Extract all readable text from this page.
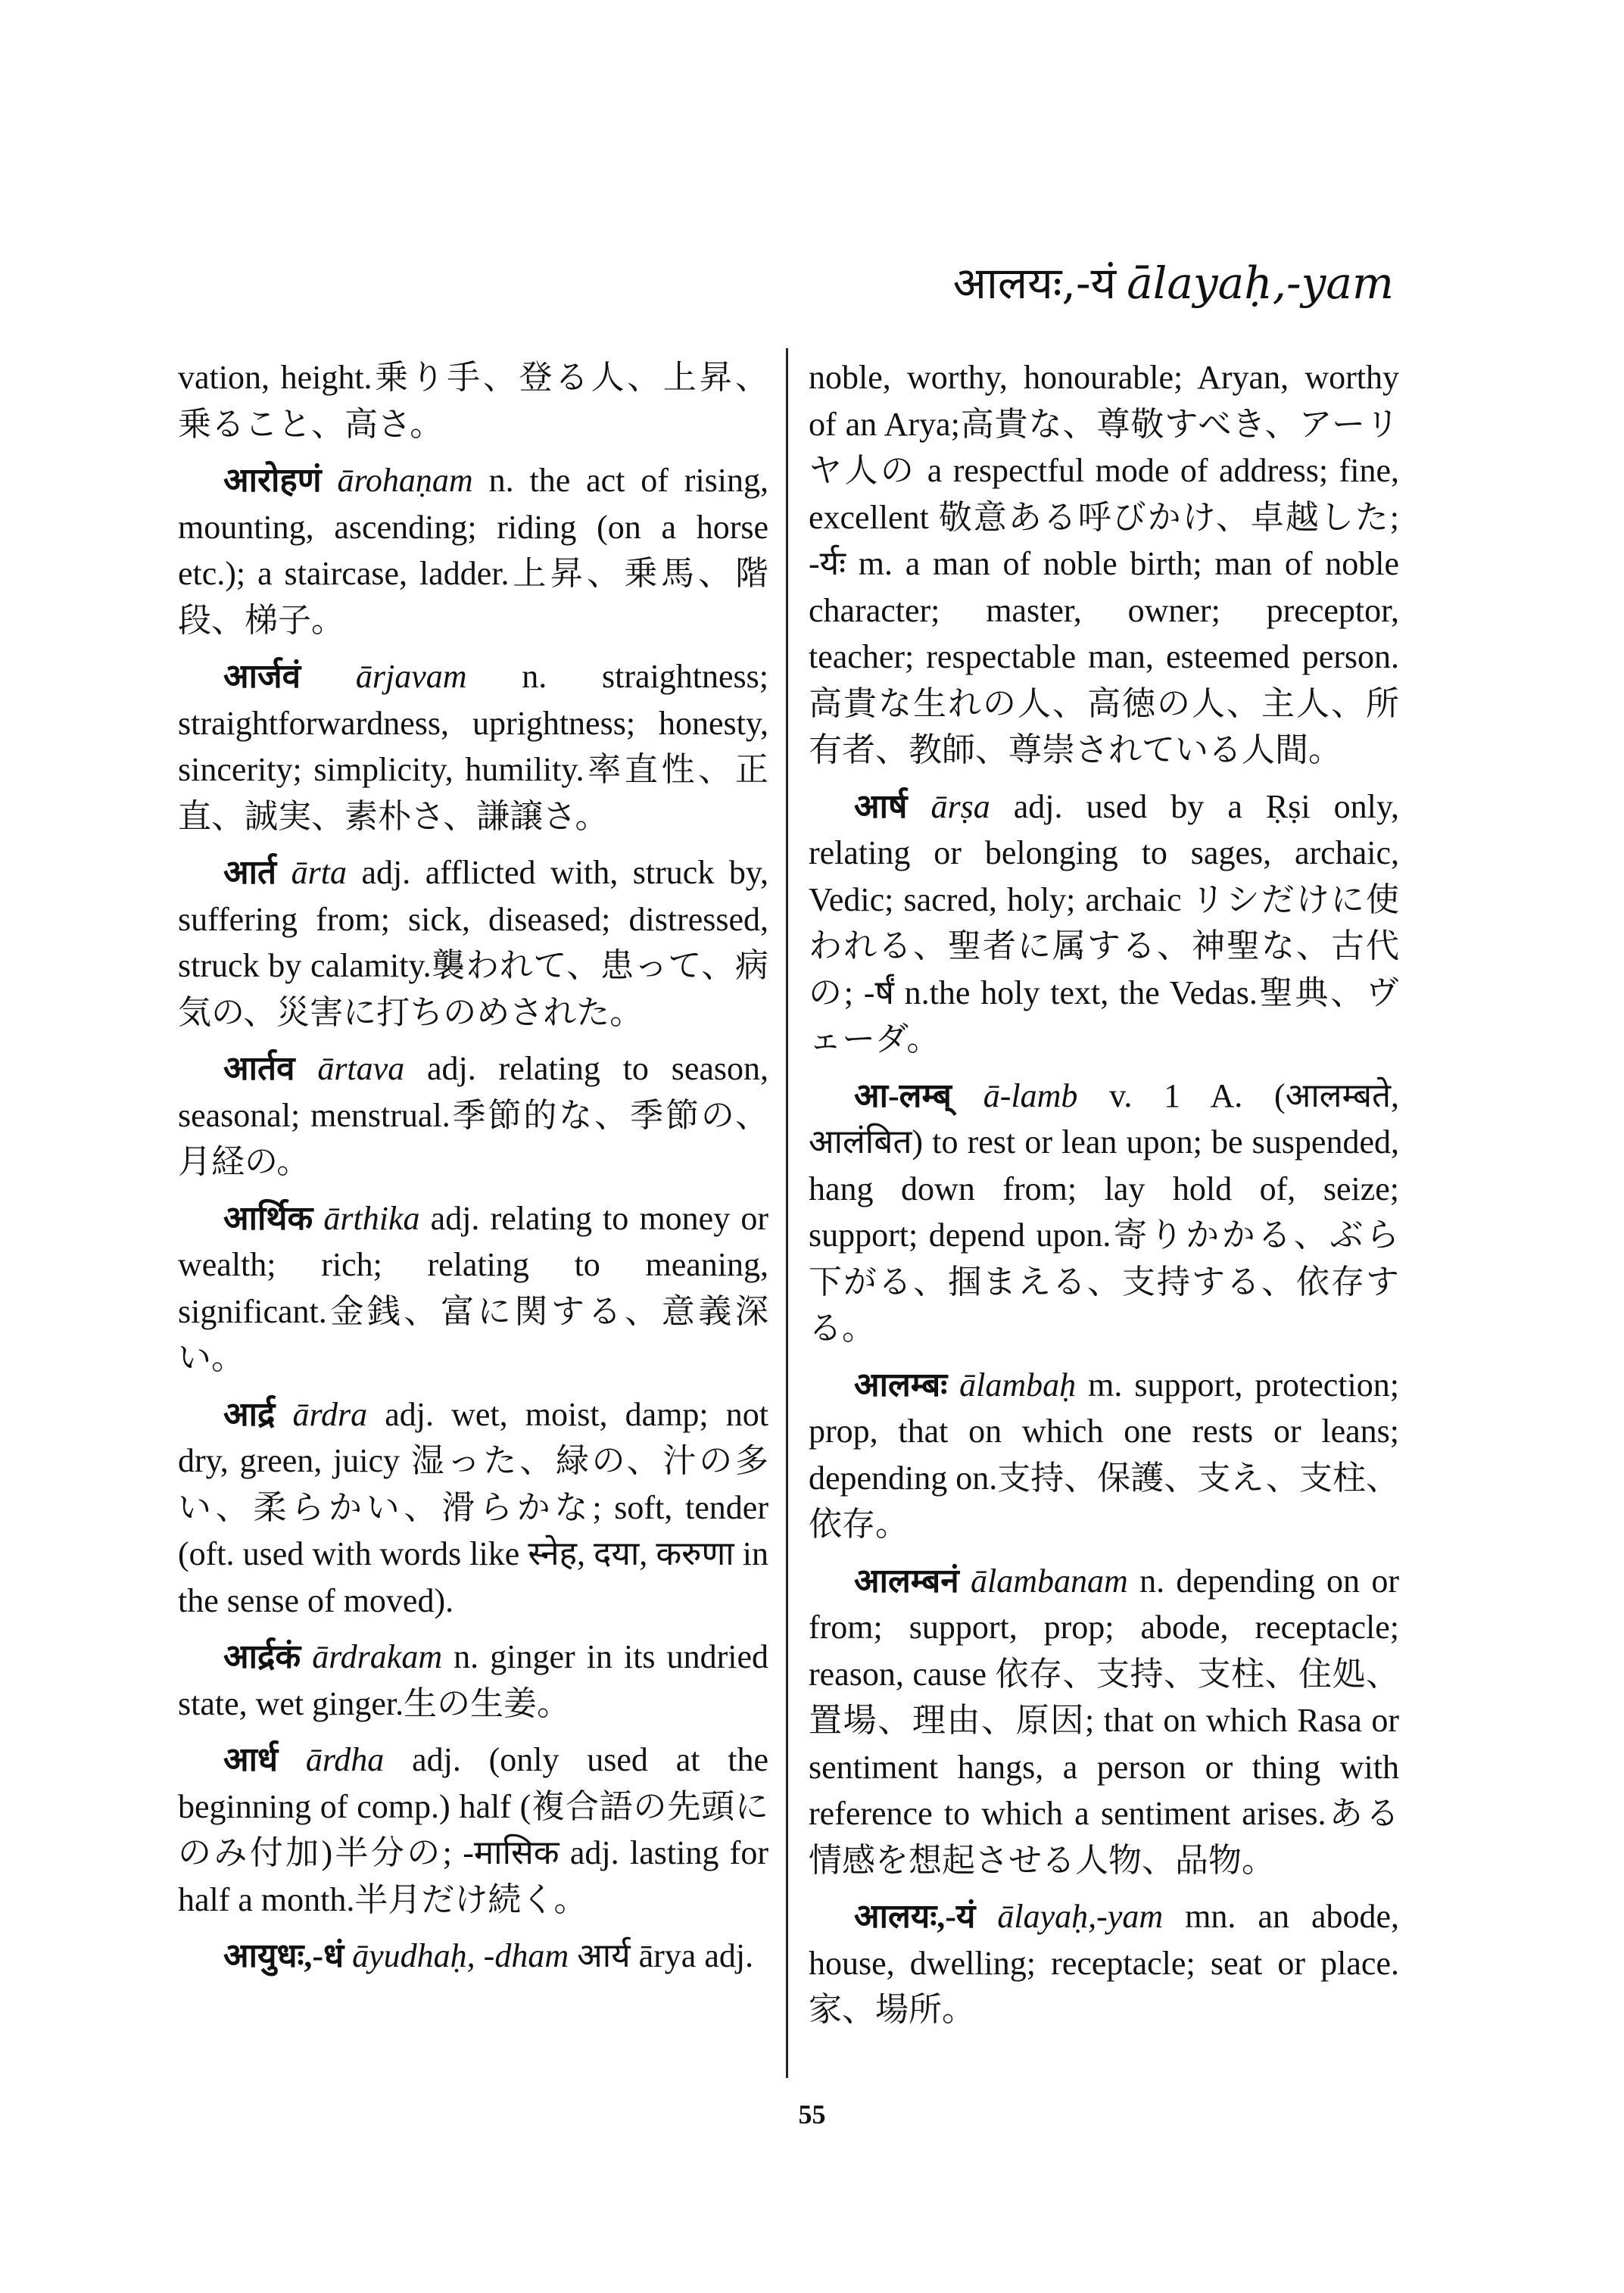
आलयः,-यं ālayaḥ,-yam

vation, height.乗り手、登る人、上昇、乗ること、高さ。

आरोहणं ārohaṇam n. the act of rising, mounting, ascending; riding (on a horse etc.); a staircase, ladder.上昇、乗馬、階段、梯子。

आर्जवं ārjavam n. straightness; straightforwardness, uprightness; honesty, sincerity; simplicity, humility.率直性、正直、誠実、素朴さ、謙譲さ。

आर्त ārta adj. afflicted with, struck by, suffering from; sick, diseased; distressed, struck by calamity.襲われて、患って、病気の、災害に打ちのめされた。

आर्तव ārtava adj. relating to season, seasonal; menstrual.季節的な、季節の、月経の。

आर्थिक ārthika adj. relating to money or wealth; rich; relating to meaning, significant.金銭、富に関する、意義深い。

आर्द्र ārdra adj. wet, moist, damp; not dry, green, juicy 湿った、緑の、汁の多い、柔らかい、滑らかな; soft, tender (oft. used with words like स्नेह, दया, करुणा in the sense of moved).

आर्द्रकं ārdrakam n. ginger in its undried state, wet ginger.生の生姜。

आर्ध ārdha adj. (only used at the beginning of comp.) half (複合語の先頭にのみ付加)半分の; -मासिक adj. lasting for half a month.半月だけ続く。

आयुधः,-धं āyudhaḥ, -dham आर्य ārya adj.

noble, worthy, honourable; Aryan, worthy of an Arya;高貴な、尊敬すべき、アーリヤ人の a respectful mode of address; fine, excellent 敬意ある呼びかけ、卓越した; -र्यः m. a man of noble birth; man of noble character; master, owner; preceptor, teacher; respectable man, esteemed person.高貴な生れの人、高徳の人、主人、所有者、教師、尊崇されている人間。

आर्ष ārṣa adj. used by a Ṛṣi only, relating or belonging to sages, archaic, Vedic; sacred, holy; archaic リシだけに使われる、聖者に属する、神聖な、古代の; -र्षं n.the holy text, the Vedas.聖典、ヴェーダ。

आ-लम्ब् ā-lamb v. 1 A. (आलम्बते, आलंबित) to rest or lean upon; be suspended, hang down from; lay hold of, seize; support; depend upon.寄りかかる、ぶら下がる、掴まえる、支持する、依存する。

आलम्बः ālambaḥ m. support, protection; prop, that on which one rests or leans; depending on.支持、保護、支え、支柱、依存。

आलम्बनं ālambanam n. depending on or from; support, prop; abode, receptacle; reason, cause 依存、支持、支柱、住処、置場、理由、原因; that on which Rasa or sentiment hangs, a person or thing with reference to which a sentiment arises.ある情感を想起させる人物、品物。

आलयः,-यं ālayaḥ,-yam mn. an abode, house, dwelling; receptacle; seat or place.家、場所。

55
